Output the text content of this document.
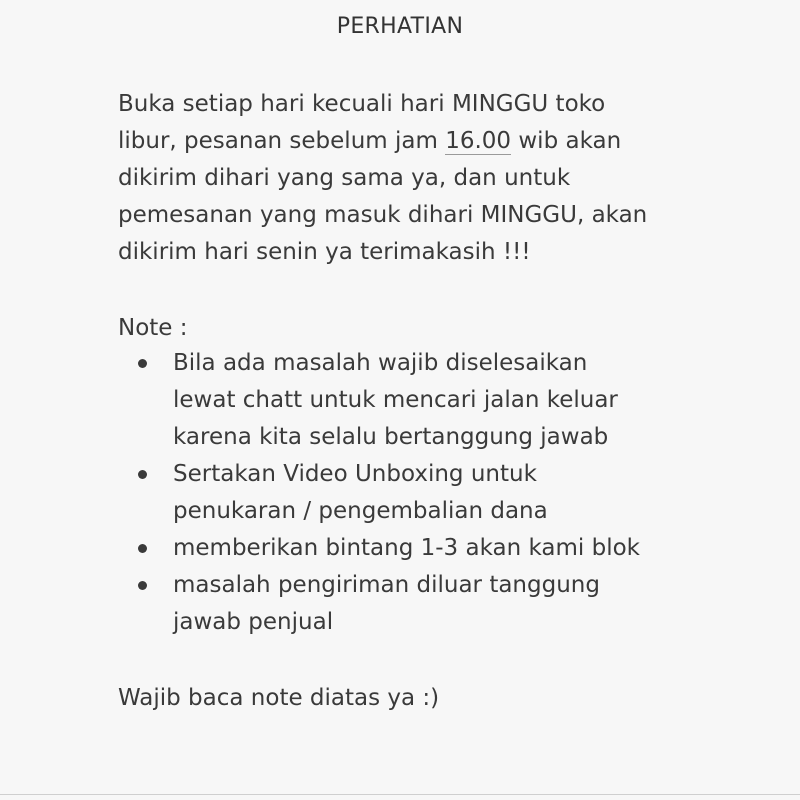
PERHATIAN
Buka setiap hari kecuali hari MINGGU toko
libur, pesanan sebelum jam 16.00 wib akan
dikirim dihari yang sama ya, dan untuk
pemesanan yang masuk dihari MINGGU, akan
dikirim hari senin ya terimakasih !!!
Note :
Bila ada masalah wajib diselesaikan
lewat chatt untuk mencari jalan keluar
karena kita selalu bertanggung jawab
Sertakan Video Unboxing untuk
penukaran / pengembalian dana
memberikan bintang 1-3 akan kami blok
masalah pengiriman diluar tanggung
jawab penjual
Wajib baca note diatas ya :)
